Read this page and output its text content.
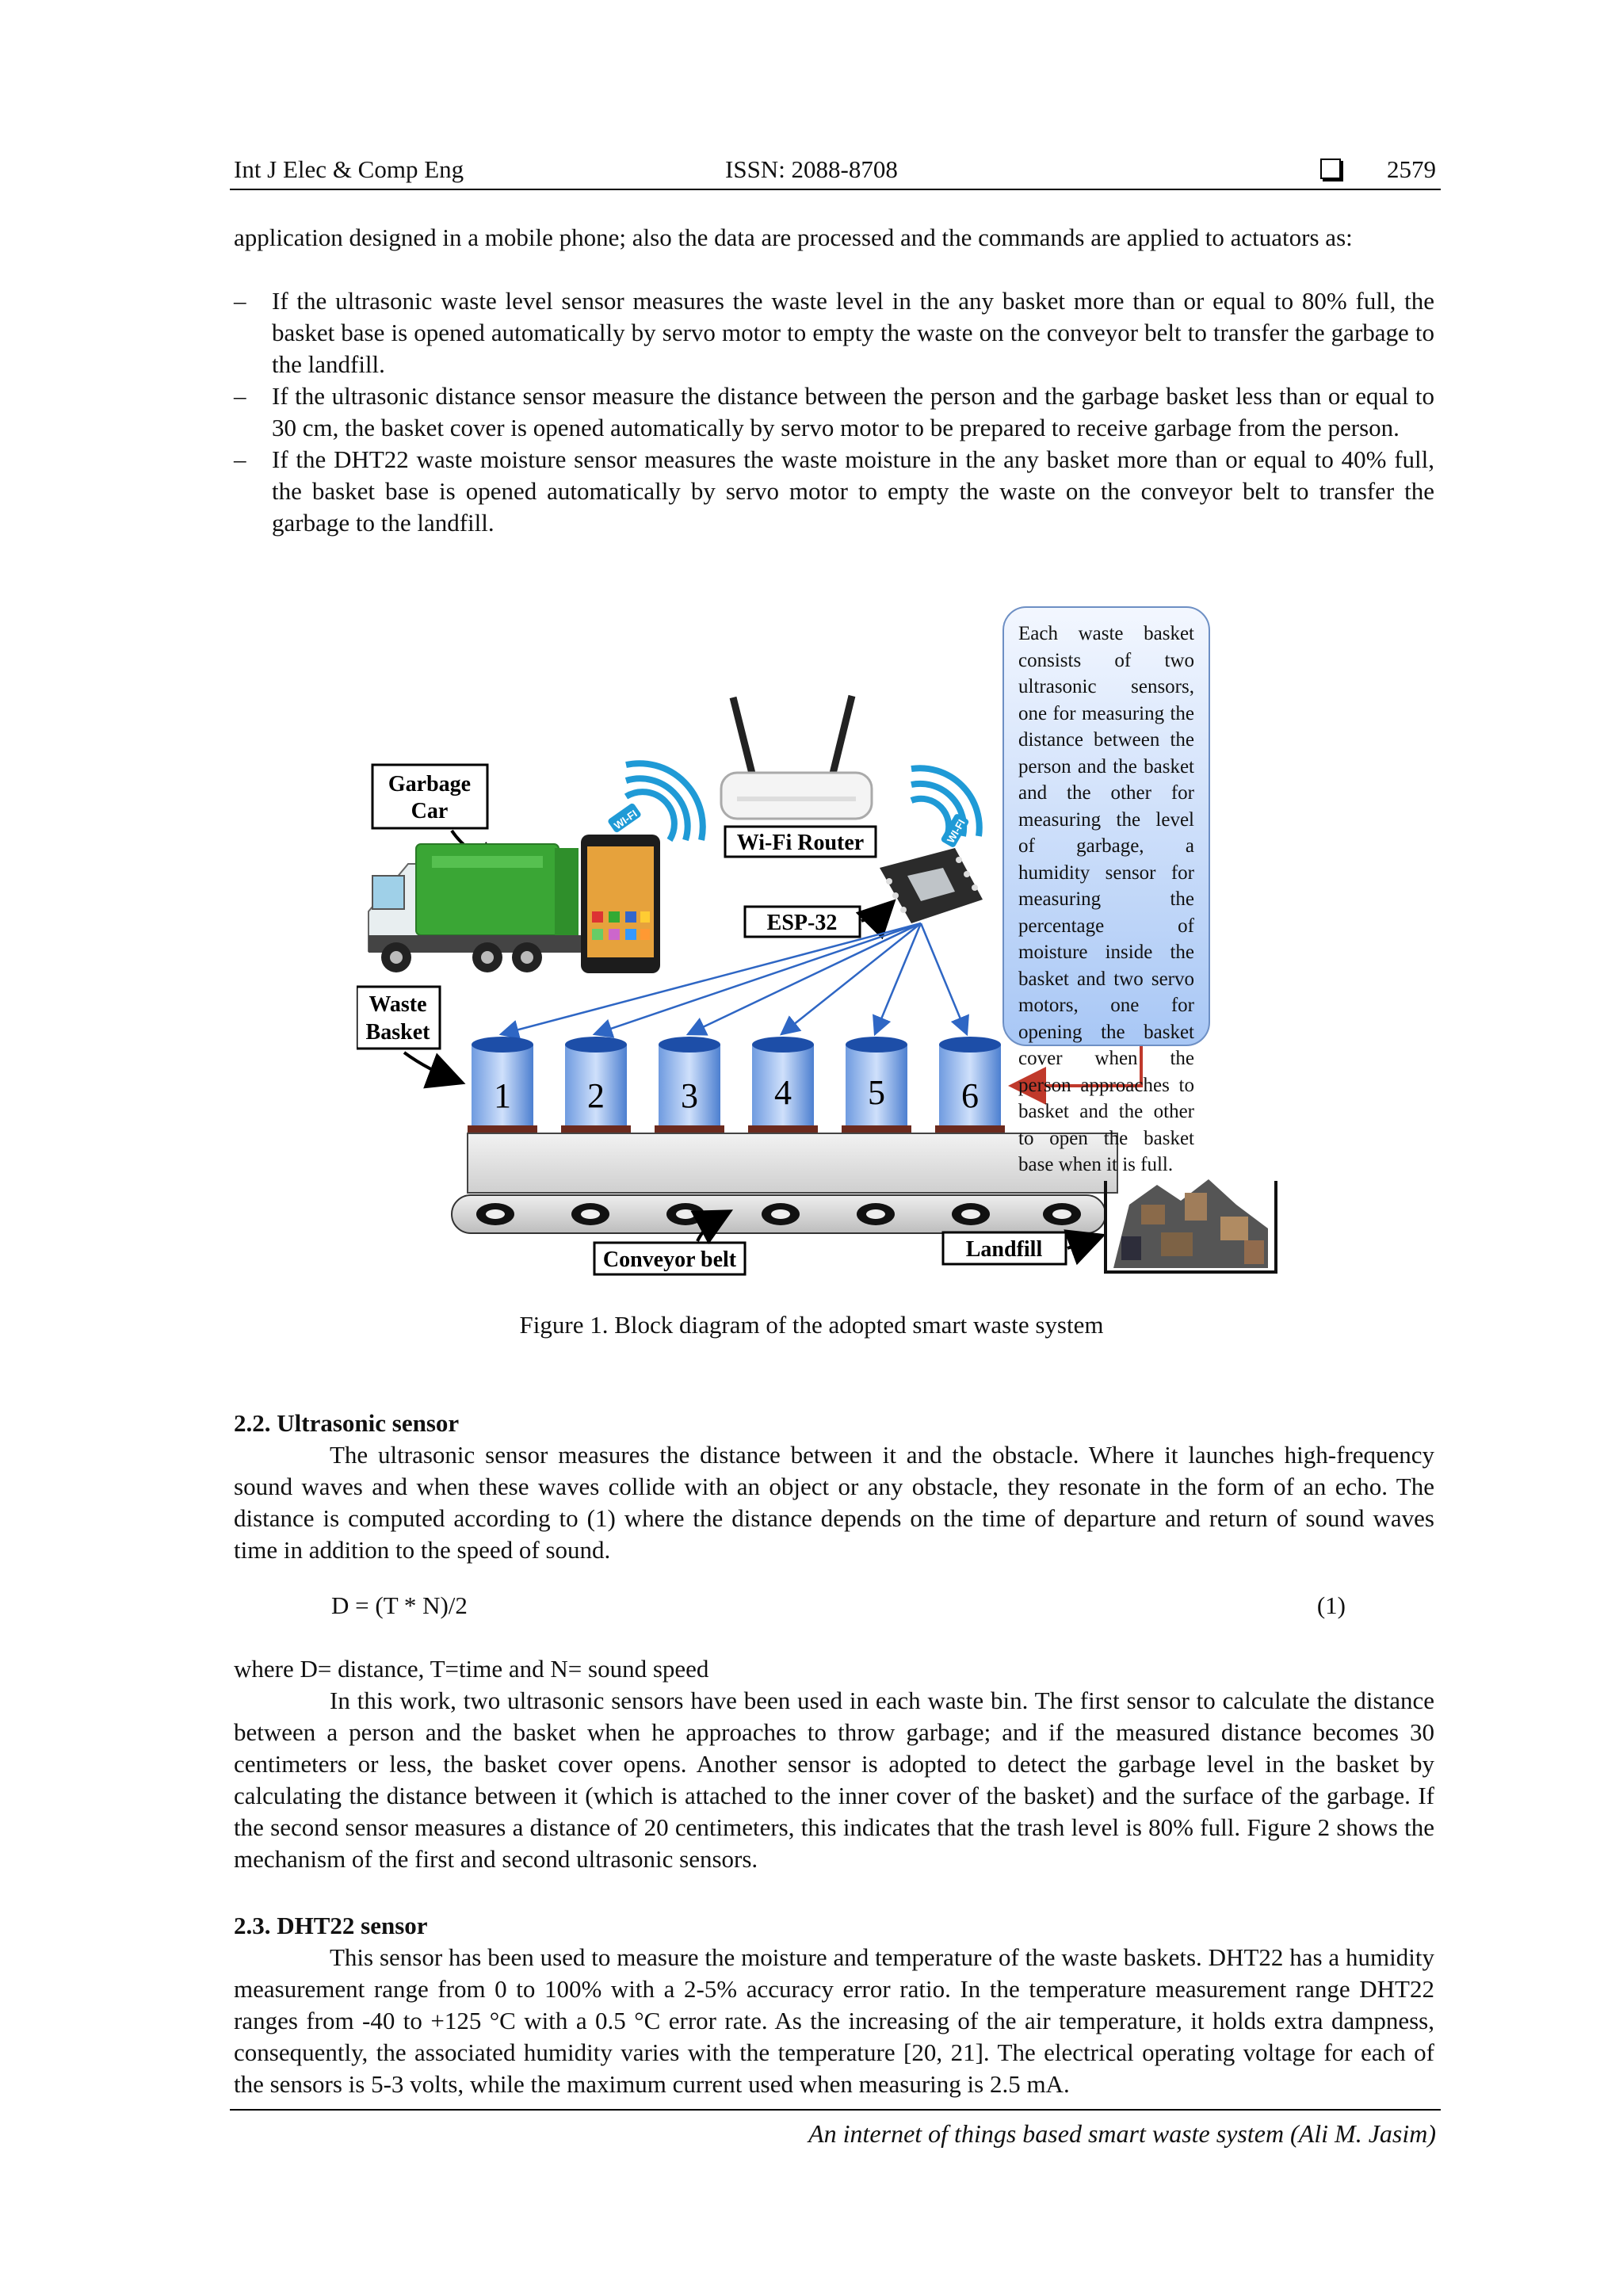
Int J Elec & Comp Eng	ISSN: 2088-8708	2579
application designed in a mobile phone; also the data are processed and the commands are applied to actuators as:
– If the ultrasonic waste level sensor measures the waste level in the any basket more than or equal to 80% full, the basket base is opened automatically by servo motor to empty the waste on the conveyor belt to transfer the garbage to the landfill.
– If the ultrasonic distance sensor measure the distance between the person and the garbage basket less than or equal to 30 cm, the basket cover is opened automatically by servo motor to be prepared to receive garbage from the person.
– If the DHT22 waste moisture sensor measures the waste moisture in the any basket more than or equal to 40% full, the basket base is opened automatically by servo motor to empty the waste on the conveyor belt to transfer the garbage to the landfill.
Garbage
Car	WI-FI
Wi-Fi Router	WI-FI
ESP-32
Waste
Basket
1 2 3 4 5 6
Conveyor belt	Landfill
Each waste basket consists of two ultrasonic sensors, one for measuring the distance between the person and the basket and the other for measuring the level of garbage, a humidity sensor for measuring the percentage of moisture inside the basket and two servo motors, one for opening the basket cover when the person approaches to basket and the other to open the basket base when it is full.
Figure 1. Block diagram of the adopted smart waste system
2.2. Ultrasonic sensor
The ultrasonic sensor measures the distance between it and the obstacle. Where it launches high-frequency sound waves and when these waves collide with an object or any obstacle, they resonate in the form of an echo. The distance is computed according to (1) where the distance depends on the time of departure and return of sound waves time in addition to the speed of sound.
D = (T * N)/2	(1)
where D= distance, T=time and N= sound speed
In this work, two ultrasonic sensors have been used in each waste bin. The first sensor to calculate the distance between a person and the basket when he approaches to throw garbage; and if the measured distance becomes 30 centimeters or less, the basket cover opens. Another sensor is adopted to detect the garbage level in the basket by calculating the distance between it (which is attached to the inner cover of the basket) and the surface of the garbage. If the second sensor measures a distance of 20 centimeters, this indicates that the trash level is 80% full. Figure 2 shows the mechanism of the first and second ultrasonic sensors.
2.3. DHT22 sensor
This sensor has been used to measure the moisture and temperature of the waste baskets. DHT22 has a humidity measurement range from 0 to 100% with a 2-5% accuracy error ratio. In the temperature measurement range DHT22 ranges from -40 to +125 °C with a 0.5 °C error rate. As the increasing of the air temperature, it holds extra dampness, consequently, the associated humidity varies with the temperature [20, 21]. The electrical operating voltage for each of the sensors is 5-3 volts, while the maximum current used when measuring is 2.5 mA.
An internet of things based smart waste system (Ali M. Jasim)
